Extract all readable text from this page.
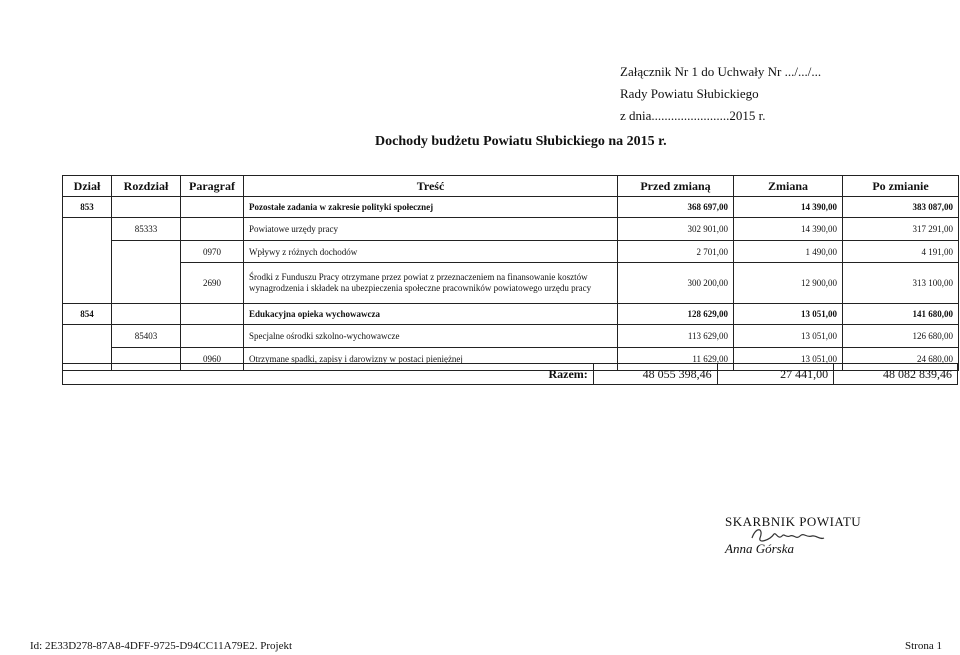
Załącznik Nr 1 do Uchwały Nr .../.../...
Rady Powiatu Słubickiego
z dnia........................2015 r.
Dochody budżetu Powiatu Słubickiego na 2015 r.
Dział	Rozdział	Paragraf	Treść	Przed zmianą	Zmiana	Po zmianie
853			Pozostałe zadania w zakresie polityki społecznej	368 697,00	14 390,00	383 087,00
	85333		Powiatowe urzędy pracy	302 901,00	14 390,00	317 291,00
		0970	Wpływy z różnych dochodów	2 701,00	1 490,00	4 191,00
		2690	Środki z Funduszu Pracy otrzymane przez powiat z przeznaczeniem na finansowanie kosztów wynagrodzenia i składek na ubezpieczenia społeczne pracowników powiatowego urzędu pracy	300 200,00	12 900,00	313 100,00
854			Edukacyjna opieka wychowawcza	128 629,00	13 051,00	141 680,00
	85403		Specjalne ośrodki szkolno-wychowawcze	113 629,00	13 051,00	126 680,00
		0960	Otrzymane spadki, zapisy i darowizny w postaci pieniężnej	11 629,00	13 051,00	24 680,00
Razem:	48 055 398,46	27 441,00	48 082 839,46
SKARBNIK POWIATU
Anna Górska
Id: 2E33D278-87A8-4DFF-9725-D94CC11A79E2. Projekt	Strona 1
